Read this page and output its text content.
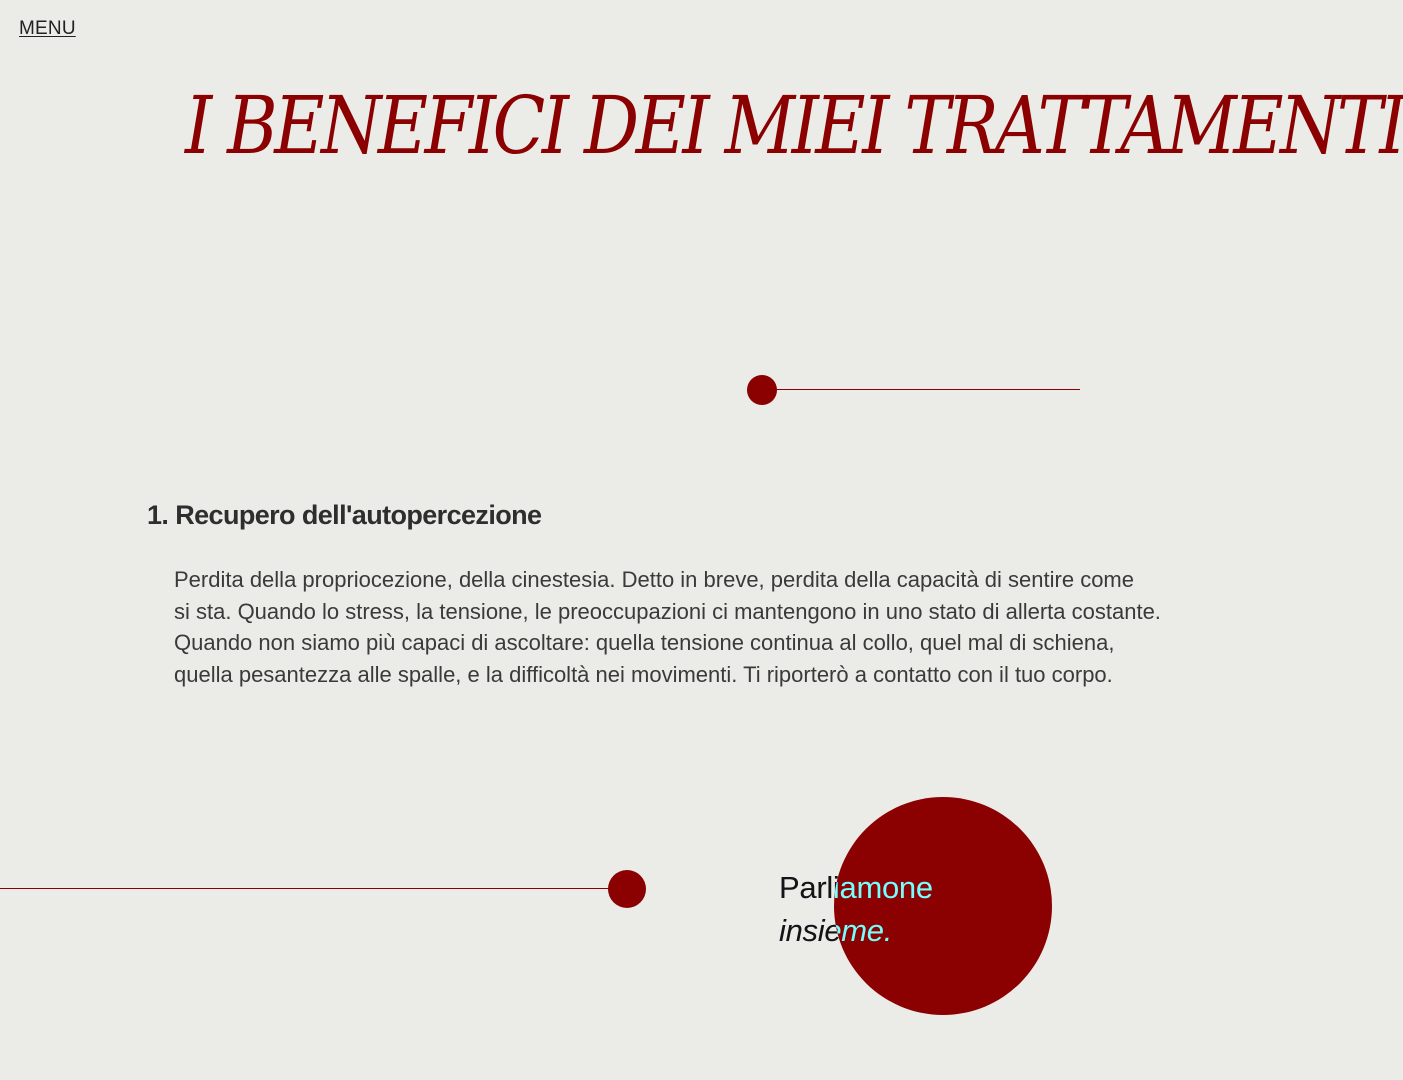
MENU
I BENEFICI DEI MIEI TRATTAMENTI
1. Recupero dell'autopercezione

Perdita della propriocezione, della cinestesia. Detto in breve, perdita della capacità di sentire come

si sta. Quando lo stress, la tensione, le preoccupazioni ci mantengono in uno stato di allerta costante.

Quando non siamo più capaci di ascoltare: quella tensione continua al collo, quel mal di schiena,

quella pesantezza alle spalle, e la difficoltà nei movimenti. Ti riporterò a contatto con il tuo corpo.

Parliamone
insieme.
